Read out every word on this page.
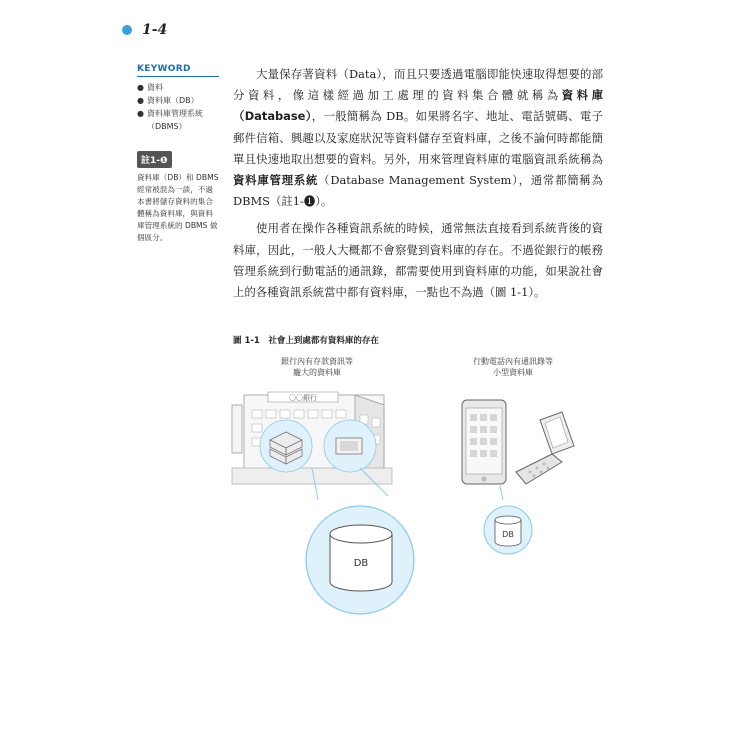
1-4
KEYWORD
● 資料
● 資料庫（DB）
● 資料庫管理系統（DBMS）
註1-❶
資料庫（DB）和 DBMS 經常被混為一談，不過本書將儲存資料的集合體稱為資料庫，與資料庫管理系統的 DBMS 做個區分。

大量保存著資料（Data），而且只要透過電腦即能快速取得想要的部分資料，像這樣經過加工處理的資料集合體就稱為資料庫（Database），一般簡稱為 DB。如果將名字、地址、電話號碼、電子郵件信箱、興趣以及家庭狀況等資料儲存至資料庫，之後不論何時都能簡單且快速地取出想要的資料。另外，用來管理資料庫的電腦資訊系統稱為資料庫管理系統（Database Management System），通常都簡稱為 DBMS（註1-❶）。

使用者在操作各種資訊系統的時候，通常無法直接看到系統背後的資料庫，因此，一般人大概都不會察覺到資料庫的存在。不過從銀行的帳務管理系統到行動電話的通訊錄，都需要使用到資料庫的功能，如果說社會上的各種資訊系統當中都有資料庫，一點也不為過（圖 1-1）。

圖 1-1　社會上到處都有資料庫的存在
銀行內有存款資訊等
龐大的資料庫
行動電話內有通訊錄等
小型資料庫
〇〇銀行
DB
DB
